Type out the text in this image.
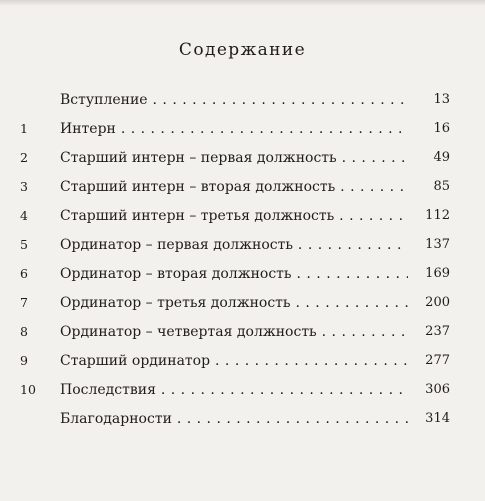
Содержание
Вступление . . .	13
1	Интерн . . .	16
2	Старший интерн – первая должность . . .	49
3	Старший интерн – вторая должность . . .	85
4	Старший интерн – третья должность . . .	112
5	Ординатор – первая должность . . .	137
6	Ординатор – вторая должность . . .	169
7	Ординатор – третья должность . . .	200
8	Ординатор – четвертая должность . . .	237
9	Старший ординатор . . .	277
10	Последствия . . .	306
Благодарности . . .	314
